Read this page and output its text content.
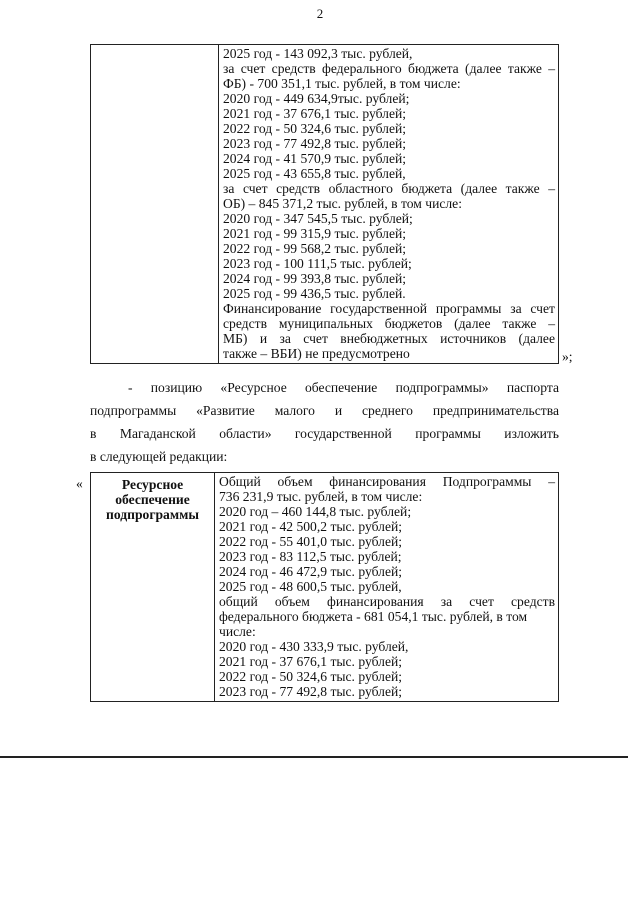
2

2025 год - 143 092,3 тыс. рублей,
за счет средств федерального бюджета (далее также –
ФБ) - 700 351,1 тыс. рублей, в том числе:
2020 год - 449 634,9тыс. рублей;
2021 год - 37 676,1 тыс. рублей;
2022 год - 50 324,6 тыс. рублей;
2023 год - 77 492,8 тыс. рублей;
2024 год - 41 570,9 тыс. рублей;
2025 год - 43 655,8 тыс. рублей,
за счет средств областного бюджета (далее также –
ОБ) – 845 371,2 тыс. рублей, в том числе:
2020 год - 347 545,5 тыс. рублей;
2021 год - 99 315,9 тыс. рублей;
2022 год - 99 568,2 тыс. рублей;
2023 год - 100 111,5 тыс. рублей;
2024 год - 99 393,8 тыс. рублей;
2025 год - 99 436,5 тыс. рублей.
Финансирование государственной программы за счет
средств муниципальных бюджетов (далее также –
МБ) и за счет внебюджетных источников (далее
также – ВБИ) не предусмотрено	»;
- позицию «Ресурсное обеспечение подпрограммы» паспорта
подпрограммы «Развитие малого и среднего предпринимательства
в Магаданской области» государственной программы изложить
в следующей редакции:
«	Ресурсное
обеспечение
подпрограммы

Общий объем финансирования Подпрограммы –
736 231,9 тыс. рублей, в том числе:
2020 год – 460 144,8 тыс. рублей;
2021 год - 42 500,2 тыс. рублей;
2022 год - 55 401,0 тыс. рублей;
2023 год - 83 112,5 тыс. рублей;
2024 год - 46 472,9 тыс. рублей;
2025 год - 48 600,5 тыс. рублей,
общий объем финансирования за счет средств
федерального бюджета - 681 054,1 тыс. рублей, в том
числе:
2020 год - 430 333,9 тыс. рублей,
2021 год - 37 676,1 тыс. рублей;
2022 год - 50 324,6 тыс. рублей;
2023 год - 77 492,8 тыс. рублей;
